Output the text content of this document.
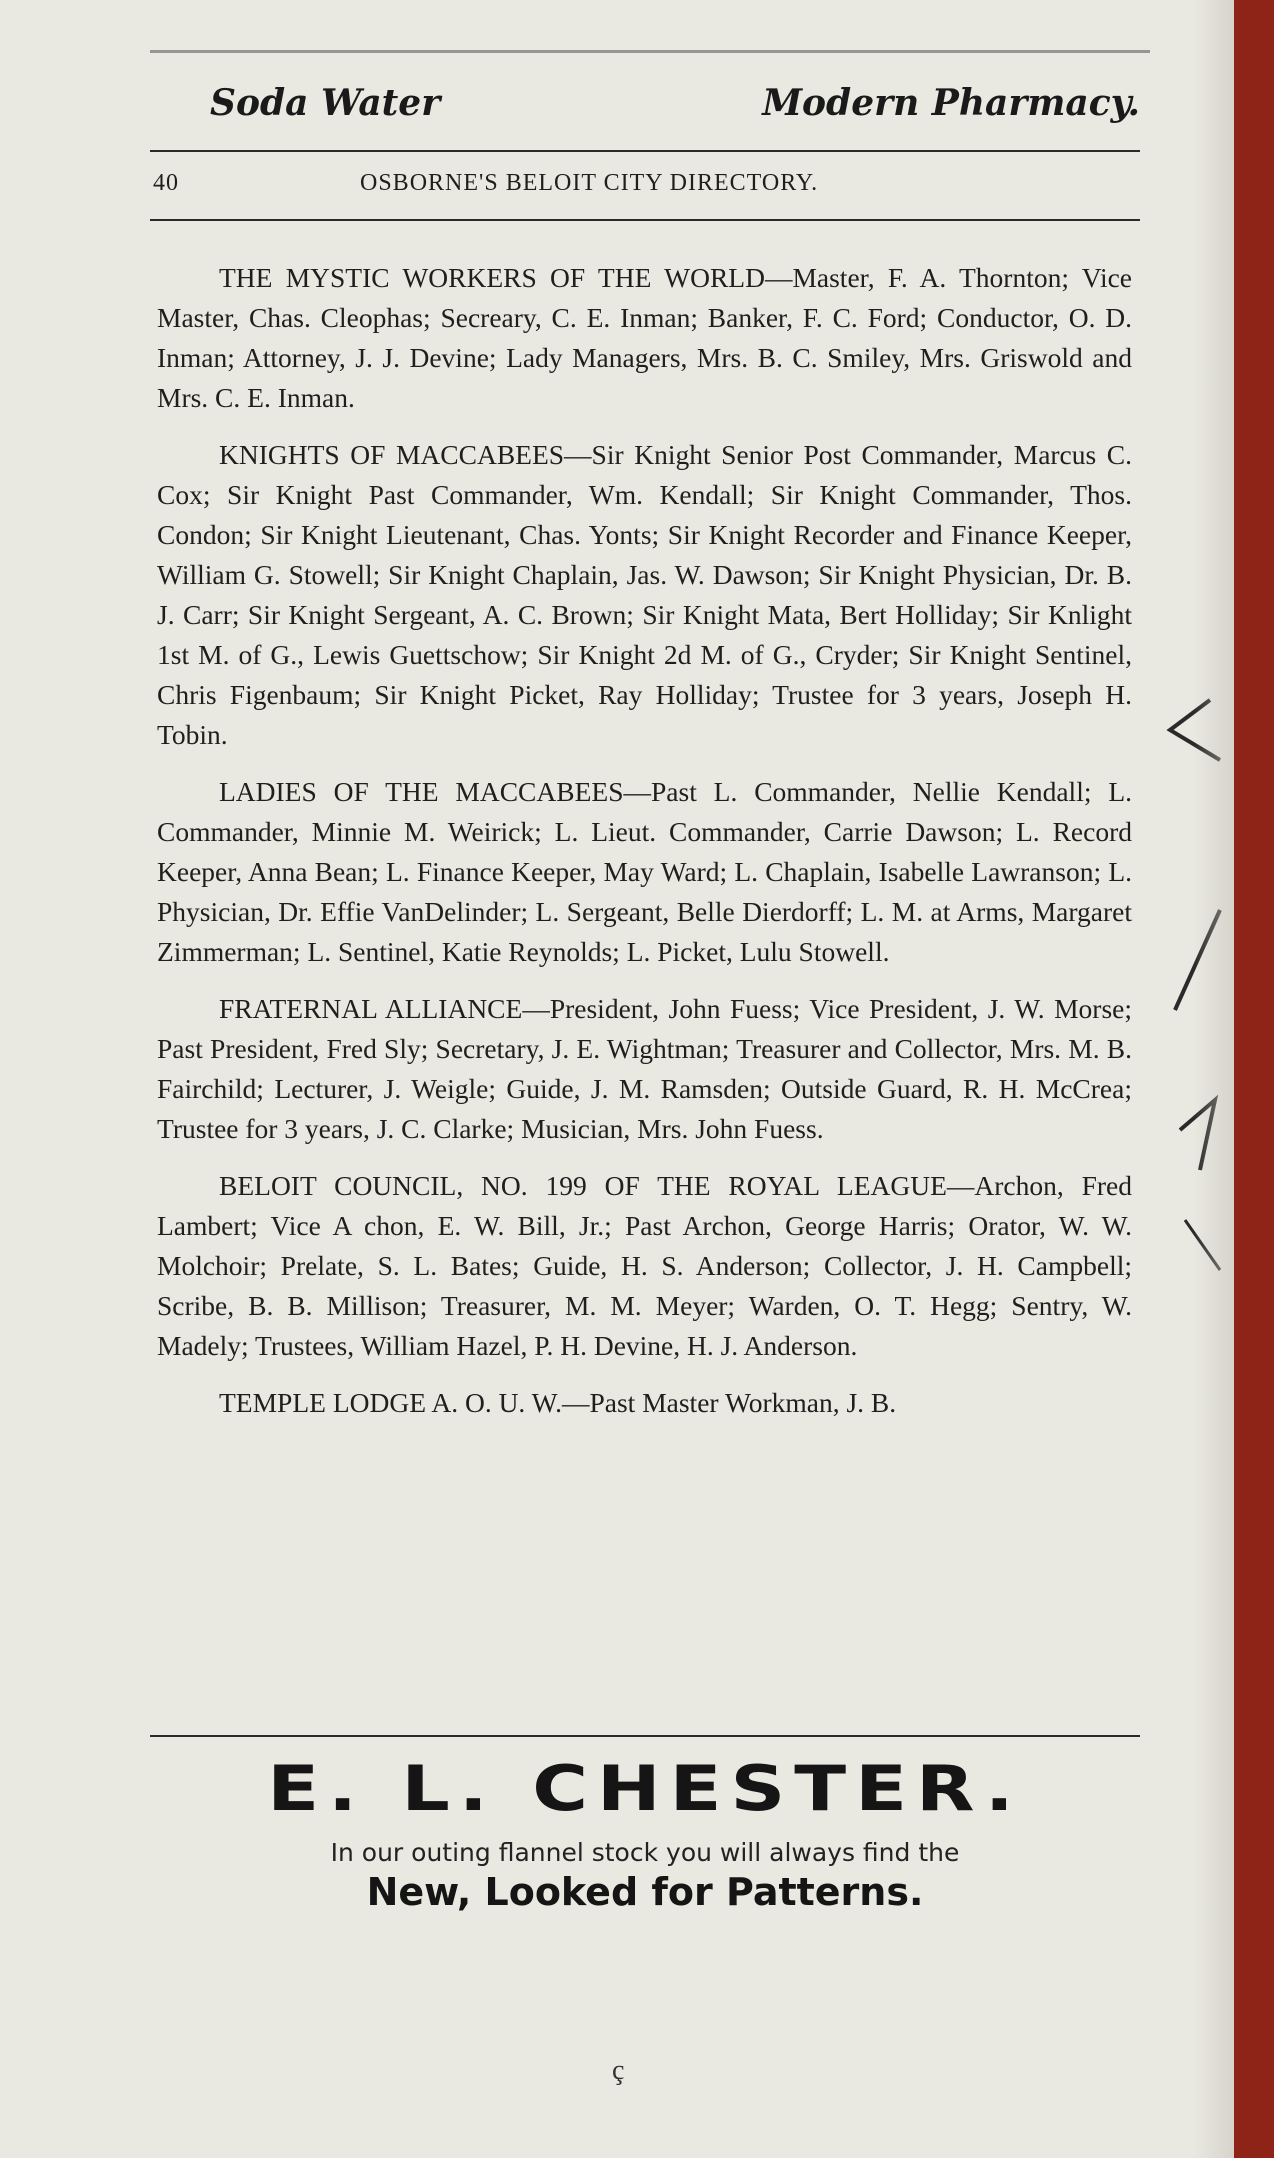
Soda Water	Modern Pharmacy.
40	OSBORNE'S BELOIT CITY DIRECTORY.

THE MYSTIC WORKERS OF THE WORLD—Master, F. A. Thornton; Vice Master, Chas. Cleophas; Secreary, C. E. Inman; Banker, F. C. Ford; Conductor, O. D. Inman; Attorney, J. J. Devine; Lady Managers, Mrs. B. C. Smiley, Mrs. Griswold and Mrs. C. E. Inman.

KNIGHTS OF MACCABEES—Sir Knight Senior Post Commander, Marcus C. Cox; Sir Knight Past Commander, Wm. Kendall; Sir Knight Commander, Thos. Condon; Sir Knight Lieutenant, Chas. Yonts; Sir Knight Recorder and Finance Keeper, William G. Stowell; Sir Knight Chaplain, Jas. W. Dawson; Sir Knight Physician, Dr. B. J. Carr; Sir Knight Sergeant, A. C. Brown; Sir Knight Mata, Bert Holliday; Sir Knlight 1st M. of G., Lewis Guettschow; Sir Knight 2d M. of G., Cryder; Sir Knight Sentinel, Chris Figenbaum; Sir Knight Picket, Ray Holliday; Trustee for 3 years, Joseph H. Tobin.

LADIES OF THE MACCABEES—Past L. Commander, Nellie Kendall; L. Commander, Minnie M. Weirick; L. Lieut. Commander, Carrie Dawson; L. Record Keeper, Anna Bean; L. Finance Keeper, May Ward; L. Chaplain, Isabelle Lawranson; L. Physician, Dr. Effie VanDelinder; L. Sergeant, Belle Dierdorff; L. M. at Arms, Margaret Zimmerman; L. Sentinel, Katie Reynolds; L. Picket, Lulu Stowell.

FRATERNAL ALLIANCE—President, John Fuess; Vice President, J. W. Morse; Past President, Fred Sly; Secretary, J. E. Wightman; Treasurer and Collector, Mrs. M. B. Fairchild; Lecturer, J. Weigle; Guide, J. M. Ramsden; Outside Guard, R. H. McCrea; Trustee for 3 years, J. C. Clarke; Musician, Mrs. John Fuess.

BELOIT COUNCIL, NO. 199 OF THE ROYAL LEAGUE—Archon, Fred Lambert; Vice A chon, E. W. Bill, Jr.; Past Archon, George Harris; Orator, W. W. Molchoir; Prelate, S. L. Bates; Guide, H. S. Anderson; Collector, J. H. Campbell; Scribe, B. B. Millison; Treasurer, M. M. Meyer; Warden, O. T. Hegg; Sentry, W. Madely; Trustees, William Hazel, P. H. Devine, H. J. Anderson.

TEMPLE LODGE A. O. U. W.—Past Master Workman, J. B.

E. L. CHESTER.
In our outing flannel stock you will always find the
New, Looked for Patterns.
ç
